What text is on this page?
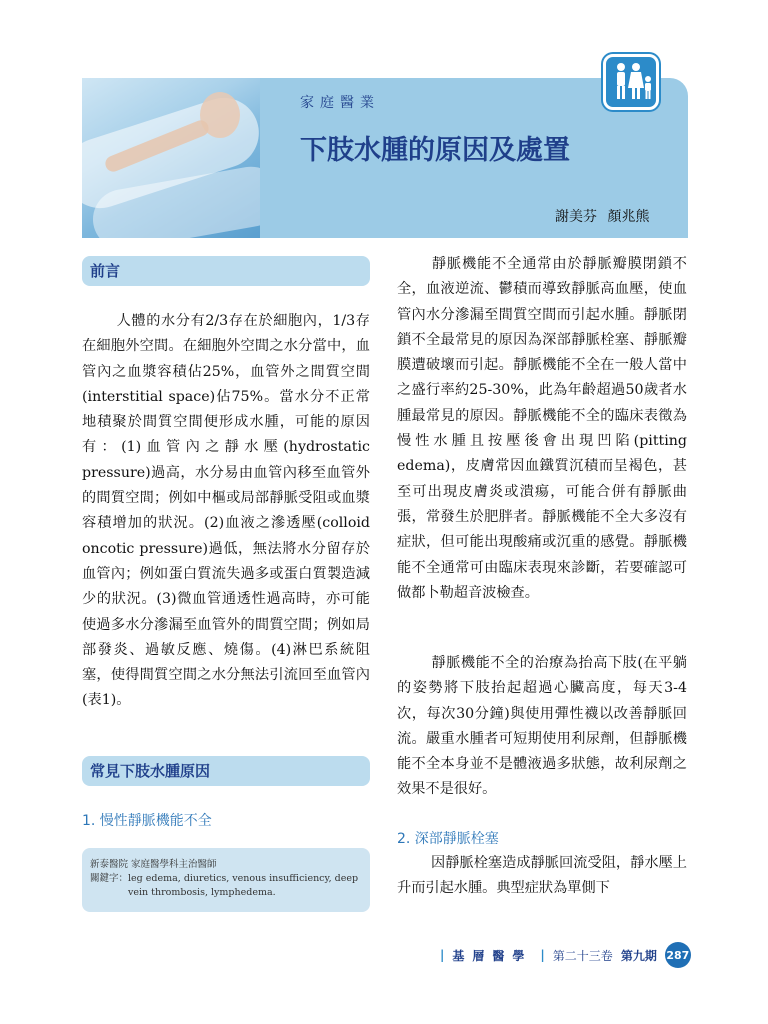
家庭醫業
下肢水腫的原因及處置
謝美芬 顏兆熊
前言
人體的水分有2/3存在於細胞內，1/3存在細胞外空間。在細胞外空間之水分當中，血管內之血漿容積佔25%，血管外之間質空間(interstitial space)佔75%。當水分不正常地積聚於間質空間便形成水腫，可能的原因有：(1)血管內之靜水壓(hydrostatic pressure)過高，水分易由血管內移至血管外的間質空間；例如中樞或局部靜脈受阻或血漿容積增加的狀況。(2)血液之滲透壓(colloid oncotic pressure)過低，無法將水分留存於血管內；例如蛋白質流失過多或蛋白質製造減少的狀況。(3)微血管通透性過高時，亦可能使過多水分滲漏至血管外的間質空間；例如局部發炎、過敏反應、燒傷。(4)淋巴系統阻塞，使得間質空間之水分無法引流回至血管內(表1)。
常見下肢水腫原因
1. 慢性靜脈機能不全
新泰醫院 家庭醫學科主治醫師
關鍵字： leg edema, diuretics, venous insufficiency, deep vein thrombosis, lymphedema.
靜脈機能不全通常由於靜脈瓣膜閉鎖不全，血液逆流、鬱積而導致靜脈高血壓，使血管內水分滲漏至間質空間而引起水腫。靜脈閉鎖不全最常見的原因為深部靜脈栓塞、靜脈瓣膜遭破壞而引起。靜脈機能不全在一般人當中之盛行率約25-30%，此為年齡超過50歲者水腫最常見的原因。靜脈機能不全的臨床表徵為慢性水腫且按壓後會出現凹陷(pitting edema)，皮膚常因血鐵質沉積而呈褐色，甚至可出現皮膚炎或潰瘍，可能合併有靜脈曲張，常發生於肥胖者。靜脈機能不全大多沒有症狀，但可能出現酸痛或沉重的感覺。靜脈機能不全通常可由臨床表現來診斷，若要確認可做都卜勒超音波檢查。
靜脈機能不全的治療為抬高下肢(在平躺的姿勢將下肢抬起超過心臟高度，每天3-4次，每次30分鐘)與使用彈性襪以改善靜脈回流。嚴重水腫者可短期使用利尿劑，但靜脈機能不全本身並不是體液過多狀態，故利尿劑之效果不是很好。
2. 深部靜脈栓塞
因靜脈栓塞造成靜脈回流受阻，靜水壓上升而引起水腫。典型症狀為單側下
| 基層醫學 | 第二十三卷 第九期 287
